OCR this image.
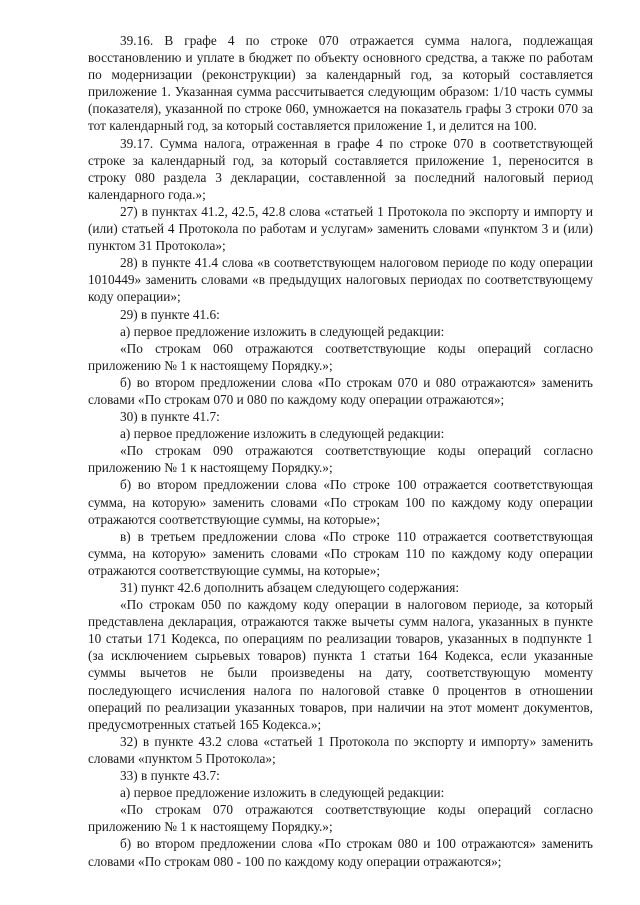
39.16. В графе 4 по строке 070 отражается сумма налога, подлежащая восстановлению и уплате в бюджет по объекту основного средства, а также по работам по модернизации (реконструкции) за календарный год, за который составляется приложение 1. Указанная сумма рассчитывается следующим образом: 1/10 часть суммы (показателя), указанной по строке 060, умножается на показатель графы 3 строки 070 за тот календарный год, за который составляется приложение 1, и делится на 100.

39.17. Сумма налога, отраженная в графе 4 по строке 070 в соответствующей строке за календарный год, за который составляется приложение 1, переносится в строку 080 раздела 3 декларации, составленной за последний налоговый период календарного года.»;

27) в пунктах 41.2, 42.5, 42.8 слова «статьей 1 Протокола по экспорту и импорту и (или) статьей 4 Протокола по работам и услугам» заменить словами «пунктом 3 и (или) пунктом 31 Протокола»;

28) в пункте 41.4 слова «в соответствующем налоговом периоде по коду операции 1010449» заменить словами «в предыдущих налоговых периодах по соответствующему коду операции»;

29) в пункте 41.6:

а) первое предложение изложить в следующей редакции:

«По строкам 060 отражаются соответствующие коды операций согласно приложению № 1 к настоящему Порядку.»;

б) во втором предложении слова «По строкам 070 и 080 отражаются» заменить словами «По строкам 070 и 080 по каждому коду операции отражаются»;

30) в пункте 41.7:

а) первое предложение изложить в следующей редакции:

«По строкам 090 отражаются соответствующие коды операций согласно приложению № 1 к настоящему Порядку.»;

б) во втором предложении слова «По строке 100 отражается соответствующая сумма, на которую» заменить словами «По строкам 100 по каждому коду операции отражаются соответствующие суммы, на которые»;

в) в третьем предложении слова «По строке 110 отражается соответствующая сумма, на которую» заменить словами «По строкам 110 по каждому коду операции отражаются соответствующие суммы, на которые»;

31) пункт 42.6 дополнить абзацем следующего содержания:

«По строкам 050 по каждому коду операции в налоговом периоде, за который представлена декларация, отражаются также вычеты сумм налога, указанных в пункте 10 статьи 171 Кодекса, по операциям по реализации товаров, указанных в подпункте 1 (за исключением сырьевых товаров) пункта 1 статьи 164 Кодекса, если указанные суммы вычетов не были произведены на дату, соответствующую моменту последующего исчисления налога по налоговой ставке 0 процентов в отношении операций по реализации указанных товаров, при наличии на этот момент документов, предусмотренных статьей 165 Кодекса.»;

32) в пункте 43.2 слова «статьей 1 Протокола по экспорту и импорту» заменить словами «пунктом 5 Протокола»;

33) в пункте 43.7:

а) первое предложение изложить в следующей редакции:

«По строкам 070 отражаются соответствующие коды операций согласно приложению № 1 к настоящему Порядку.»;

б) во втором предложении слова «По строкам 080 и 100 отражаются» заменить словами «По строкам 080 - 100 по каждому коду операции отражаются»;
